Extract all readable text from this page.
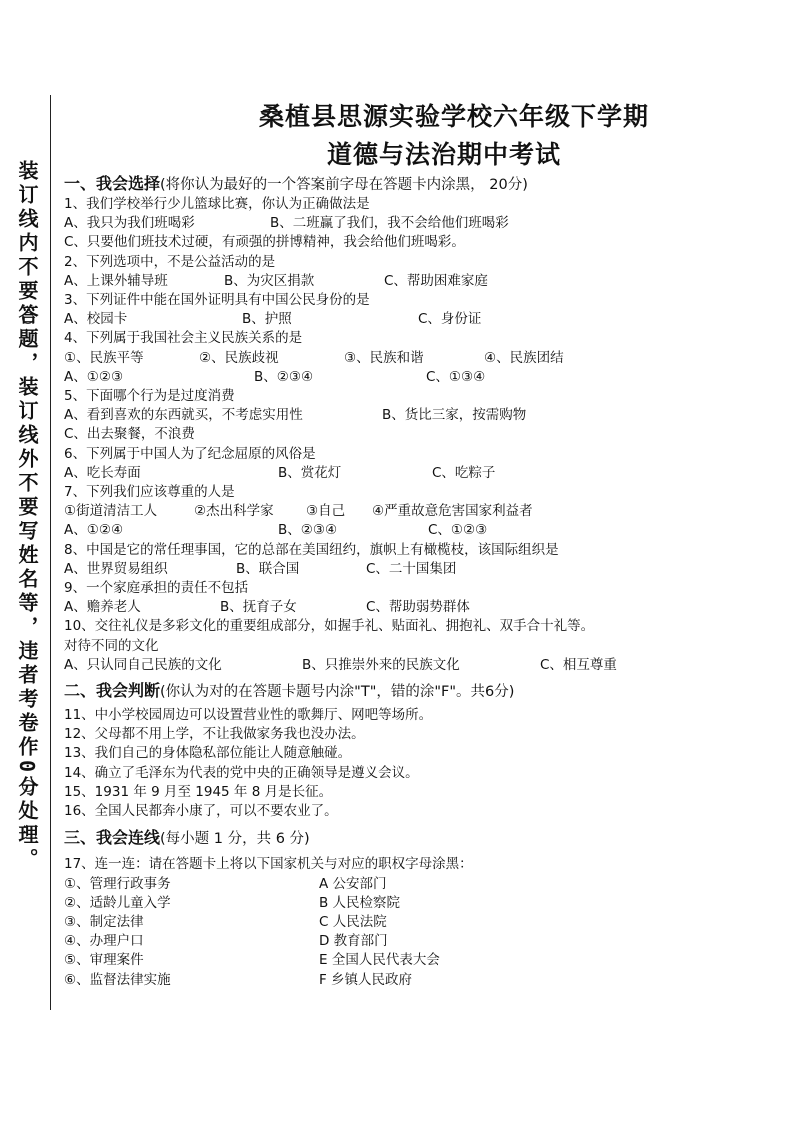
装订线内不要答题，装订线外不要写姓名等，违者考卷作0分处理。
桑植县思源实验学校六年级下学期
道德与法治期中考试
一、我会选择(将你认为最好的一个答案前字母在答题卡内涂黑， 20分)
1、我们学校举行少儿篮球比赛，你认为正确做法是
A、我只为我们班喝彩	B、二班赢了我们，我不会给他们班喝彩
C、只要他们班技术过硬，有顽强的拼博精神，我会给他们班喝彩。
2、下列选项中，不是公益活动的是
A、上课外辅导班	B、为灾区捐款	C、帮助困难家庭
3、下列证件中能在国外证明具有中国公民身份的是
A、校园卡	B、护照	C、身份证
4、下列属于我国社会主义民族关系的是
①、民族平等	②、民族歧视	③、民族和谐	④、民族团结
A、①②③	B、②③④	C、①③④
5、下面哪个行为是过度消费
A、看到喜欢的东西就买，不考虑实用性	B、货比三家，按需购物
C、出去聚餐，不浪费
6、下列属于中国人为了纪念屈原的风俗是
A、吃长寿面	B、赏花灯	C、吃粽子
7、下列我们应该尊重的人是
①街道清洁工人	②杰出科学家	③自己	④严重故意危害国家利益者
A、①②④	B、②③④	C、①②③
8、中国是它的常任理事国，它的总部在美国纽约，旗帜上有橄榄枝，该国际组织是
A、世界贸易组织	B、联合国	C、二十国集团
9、一个家庭承担的责任不包括
A、赡养老人	B、抚育子女	C、帮助弱势群体
10、交往礼仪是多彩文化的重要组成部分，如握手礼、贴面礼、拥抱礼、双手合十礼等。
对待不同的文化
A、只认同自己民族的文化	B、只推崇外来的民族文化	C、相互尊重
二、我会判断(你认为对的在答题卡题号内涂"T"，错的涂"F"。共6分)
11、中小学校园周边可以设置营业性的歌舞厅、网吧等场所。
12、父母都不用上学，不让我做家务我也没办法。
13、我们自己的身体隐私部位能让人随意触碰。
14、确立了毛泽东为代表的党中央的正确领导是遵义会议。
15、1931 年 9 月至 1945 年 8 月是长征。
16、全国人民都奔小康了，可以不要农业了。
三、我会连线(每小题 1 分，共 6 分)
17、连一连：请在答题卡上将以下国家机关与对应的职权字母涂黑：
①、管理行政事务	A 公安部门
②、适龄儿童入学	B 人民检察院
③、制定法律	C 人民法院
④、办理户口	D 教育部门
⑤、审理案件	E 全国人民代表大会
⑥、监督法律实施	F 乡镇人民政府
